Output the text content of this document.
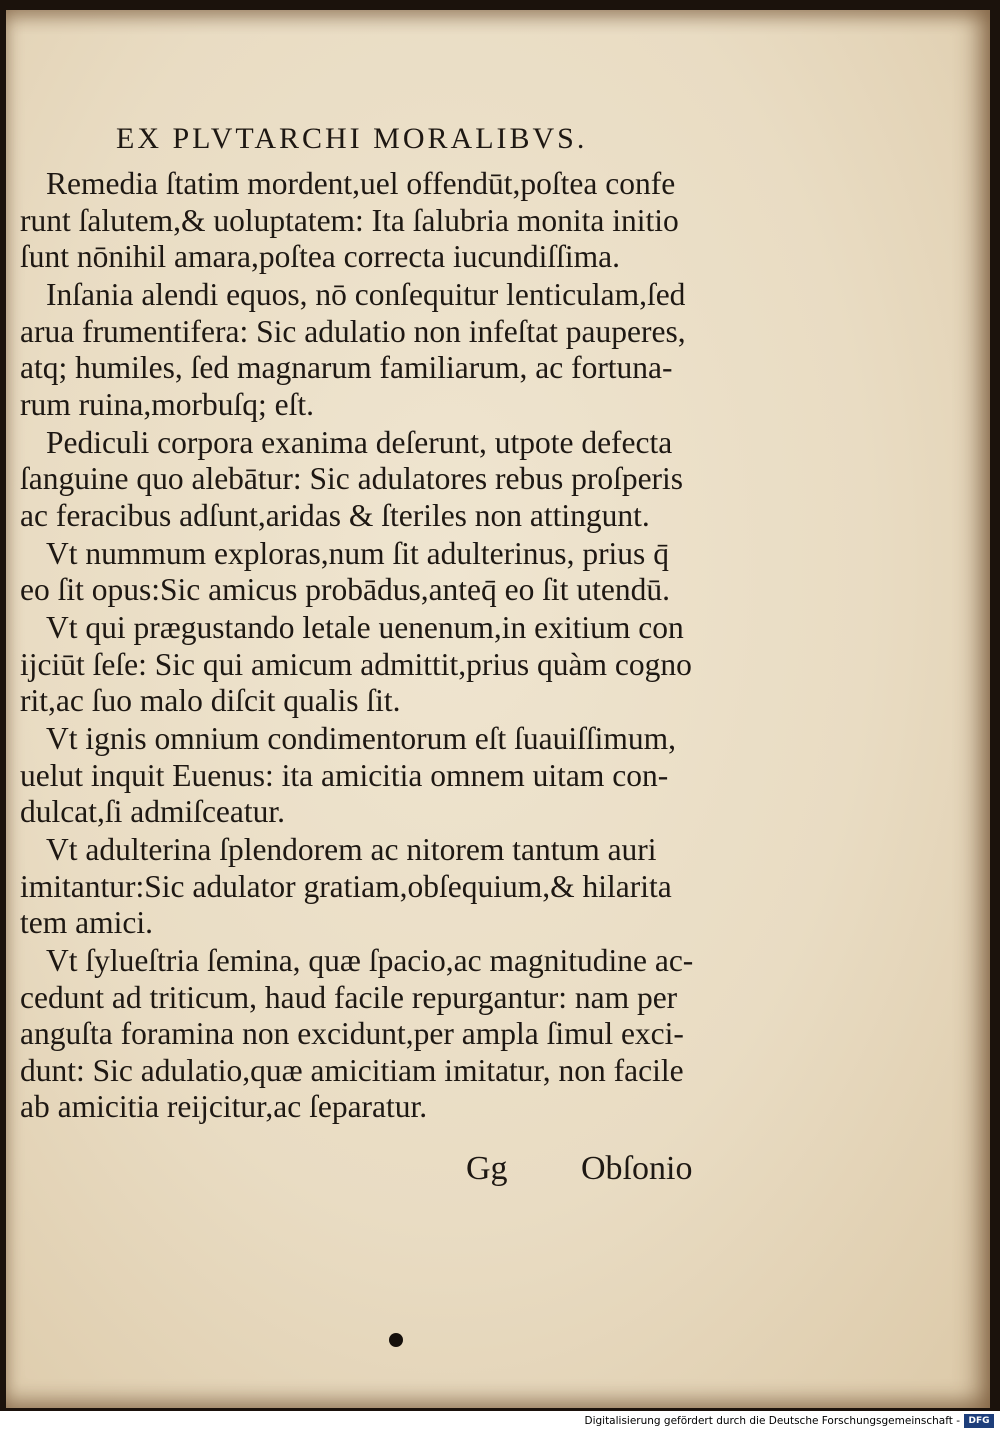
EX PLVTARCHI MORALIBVS.

Remedia ſtatim mordent,uel offendūt,poſtea confe
runt ſalutem,& uoluptatem: Ita ſalubria monita initio
ſunt nōnihil amara,poſtea correcta iucundiſſima.

Inſania alendi equos, nō conſequitur lenticulam,ſed
arua frumentifera: Sic adulatio non infeſtat pauperes,
atq; humiles, ſed magnarum familiarum, ac fortuna-
rum ruina,morbuſq; eſt.

Pediculi corpora exanima deſerunt, utpote defecta
ſanguine quo alebātur: Sic adulatores rebus proſperis
ac feracibus adſunt,aridas & ſteriles non attingunt.

Vt nummum exploras,num ſit adulterinus, prius q̄
eo ſit opus:Sic amicus probādus,anteq̄ eo ſit utendū.

Vt qui prægustando letale uenenum,in exitium con
ijciūt ſeſe: Sic qui amicum admittit,prius quàm cogno
rit,ac ſuo malo diſcit qualis ſit.

Vt ignis omnium condimentorum eſt ſuauiſſimum,
uelut inquit Euenus: ita amicitia omnem uitam con-
dulcat,ſi admiſceatur.

Vt adulterina ſplendorem ac nitorem tantum auri
imitantur:Sic adulator gratiam,obſequium,& hilarita
tem amici.

Vt ſylueſtria ſemina, quæ ſpacio,ac magnitudine ac-
cedunt ad triticum, haud facile repurgantur: nam per
anguſta foramina non excidunt,per ampla ſimul exci-
dunt: Sic adulatio,quæ amicitiam imitatur, non facile
ab amicitia reijcitur,ac ſeparatur.

Gg Obſonio
Digitalisierung gefördert durch die Deutsche Forschungsgemeinschaft - DFG
